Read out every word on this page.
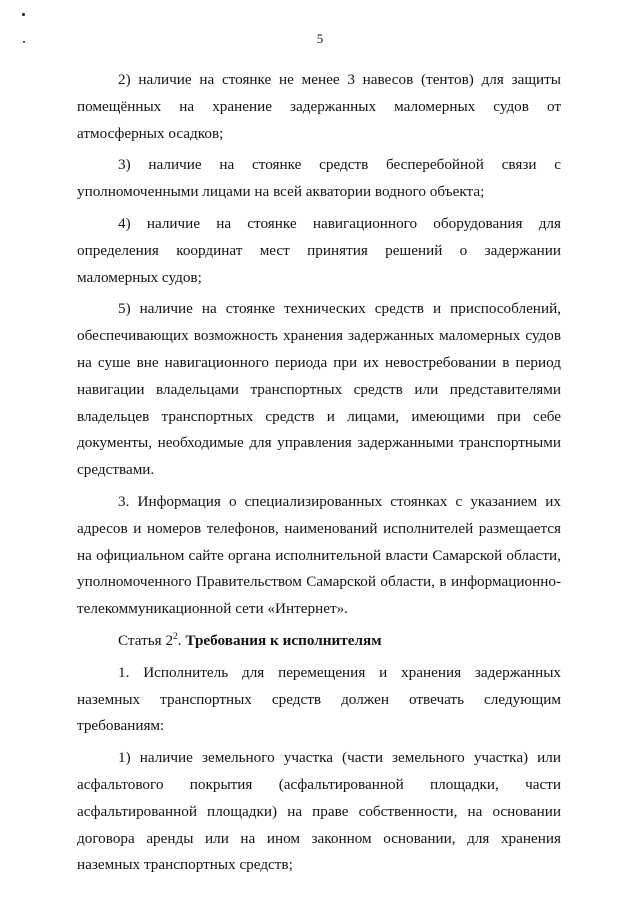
5

2) наличие на стоянке не менее 3 навесов (тентов) для защиты помещённых на хранение задержанных маломерных судов от атмосферных осадков;

3) наличие на стоянке средств бесперебойной связи с уполномоченными лицами на всей акватории водного объекта;

4) наличие на стоянке навигационного оборудования для определения координат мест принятия решений о задержании маломерных судов;

5) наличие на стоянке технических средств и приспособлений, обеспечивающих возможность хранения задержанных маломерных судов на суше вне навигационного периода при их невостребовании в период навигации владельцами транспортных средств или представителями владельцев транспортных средств и лицами, имеющими при себе документы, необходимые для управления задержанными транспортными средствами.

3. Информация о специализированных стоянках с указанием их адресов и номеров телефонов, наименований исполнителей размещается на официальном сайте органа исполнительной власти Самарской области, уполномоченного Правительством Самарской области, в информационно-телекоммуникационной сети «Интернет».

Статья $2^2$. Требования к исполнителям

1. Исполнитель для перемещения и хранения задержанных наземных транспортных средств должен отвечать следующим требованиям:

1) наличие земельного участка (части земельного участка) или асфальтового покрытия (асфальтированной площадки, части асфальтированной площадки) на праве собственности, на основании договора аренды или на ином законном основании, для хранения наземных транспортных средств;
